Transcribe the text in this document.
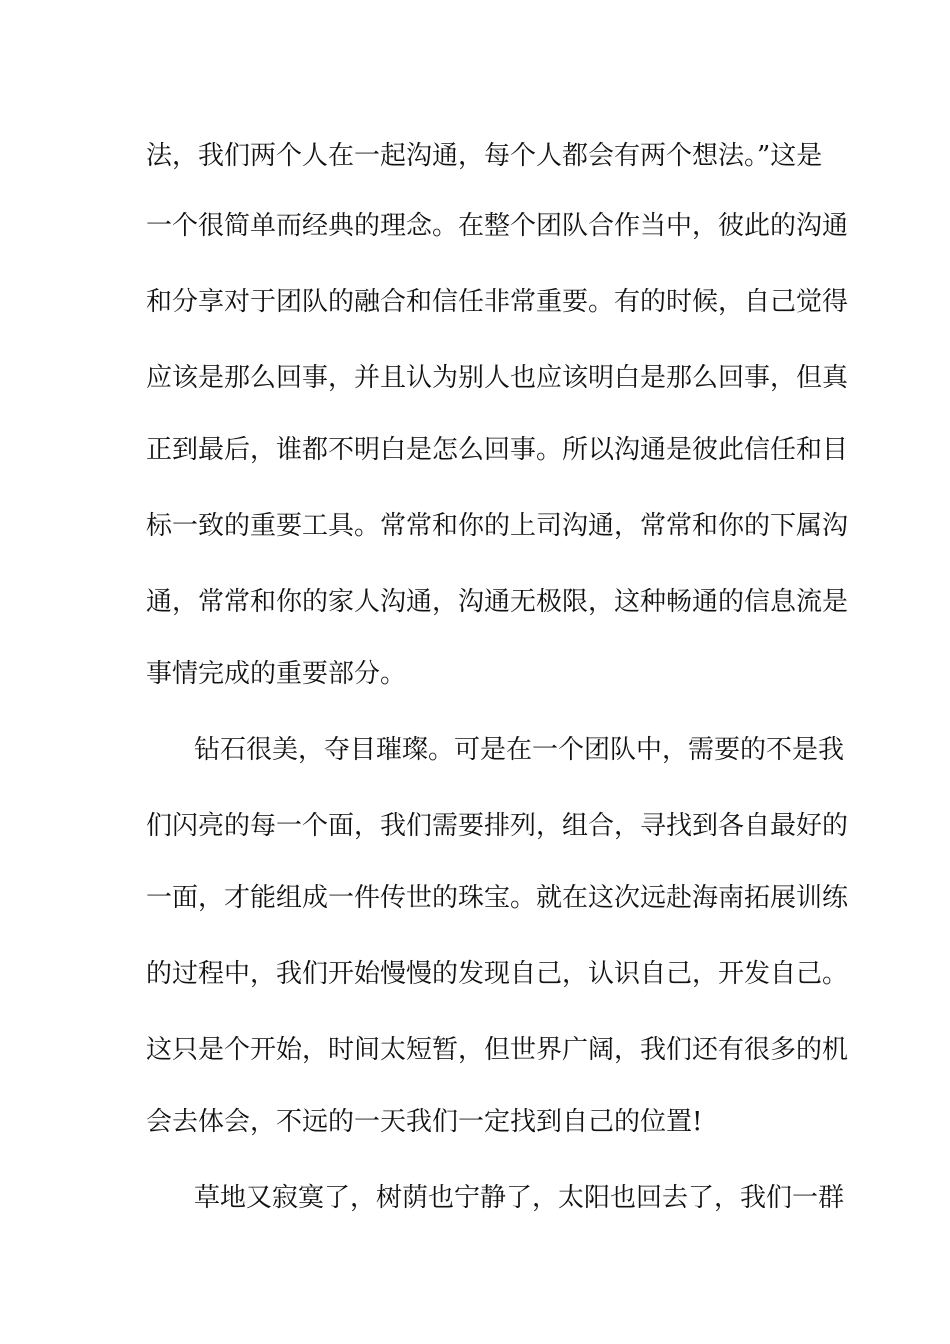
法，我们两个人在一起沟通，每个人都会有两个想法。”这是
一个很简单而经典的理念。在整个团队合作当中，彼此的沟通
和分享对于团队的融合和信任非常重要。有的时候，自己觉得
应该是那么回事，并且认为别人也应该明白是那么回事，但真
正到最后，谁都不明白是怎么回事。所以沟通是彼此信任和目
标一致的重要工具。常常和你的上司沟通，常常和你的下属沟
通，常常和你的家人沟通，沟通无极限，这种畅通的信息流是
事情完成的重要部分。
钻石很美，夺目璀璨。可是在一个团队中，需要的不是我
们闪亮的每一个面，我们需要排列，组合，寻找到各自最好的
一面，才能组成一件传世的珠宝。就在这次远赴海南拓展训练
的过程中，我们开始慢慢的发现自己，认识自己，开发自己。
这只是个开始，时间太短暂，但世界广阔，我们还有很多的机
会去体会，不远的一天我们一定找到自己的位置!
草地又寂寞了，树荫也宁静了，太阳也回去了，我们一群
